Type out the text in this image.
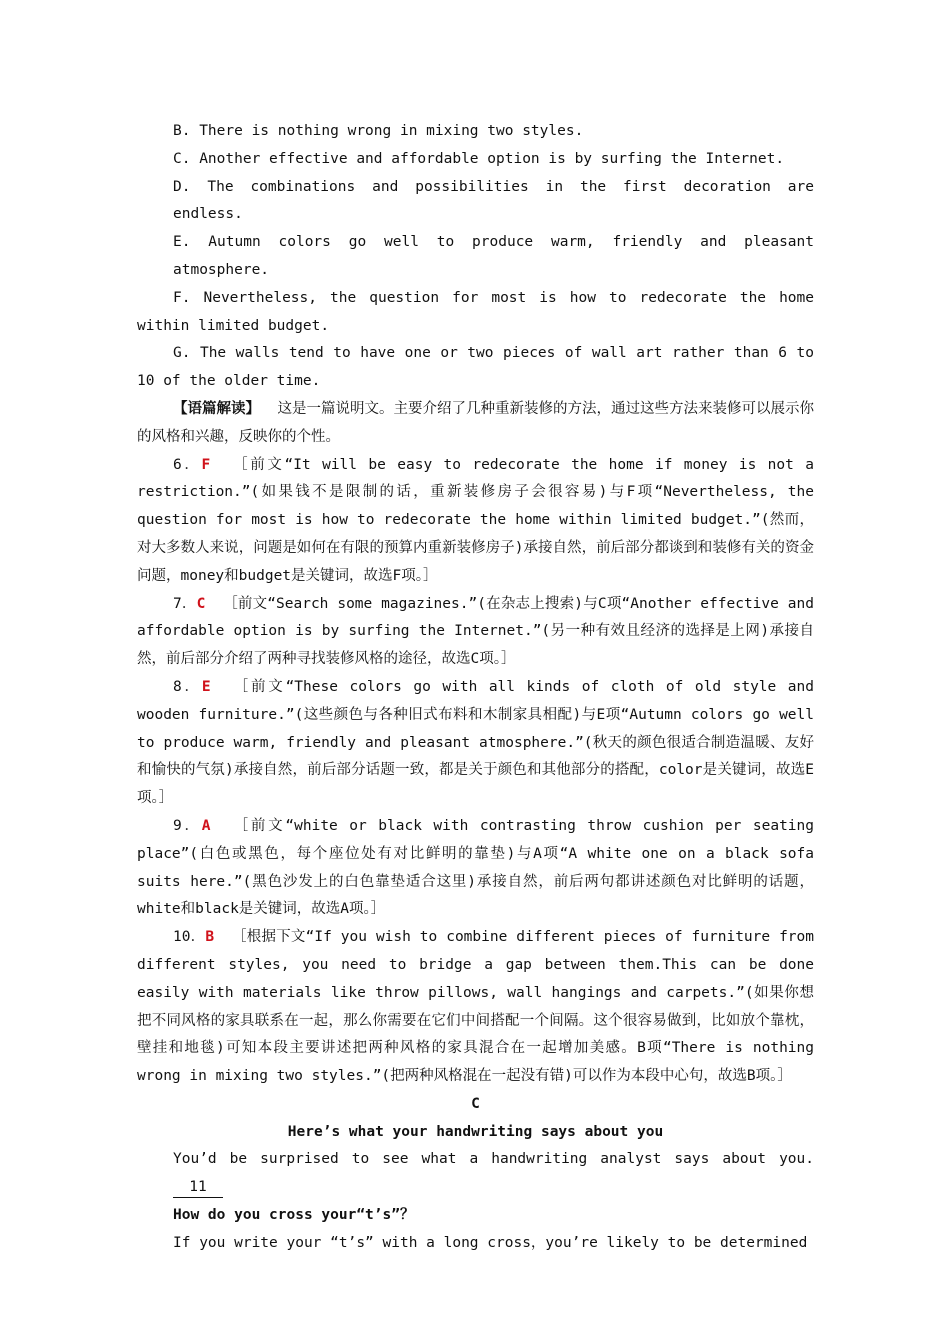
B. There is nothing wrong in mixing two styles.

C. Another effective and affordable option is by surfing the Internet.

D. The combinations and possibilities in the first decoration are endless.

E. Autumn colors go well to produce warm, friendly and pleasant atmosphere.

F. Nevertheless, the question for most is how to redecorate the home within limited budget.

G. The walls tend to have one or two pieces of wall art rather than 6 to 10 of the older time.

【语篇解读】 这是一篇说明文。主要介绍了几种重新装修的方法，通过这些方法来装修可以展示你的风格和兴趣，反映你的个性。

6．F ［前文“It will be easy to redecorate the home if money is not a restriction.”(如果钱不是限制的话，重新装修房子会很容易)与F项“Nevertheless, the question for most is how to redecorate the home within limited budget.”(然而，对大多数人来说，问题是如何在有限的预算内重新装修房子)承接自然，前后部分都谈到和装修有关的资金问题，money和budget是关键词，故选F项。］

7．C ［前文“Search some magazines.”(在杂志上搜索)与C项“Another effective and affordable option is by surfing the Internet.”(另一种有效且经济的选择是上网)承接自然，前后部分介绍了两种寻找装修风格的途径，故选C项。］

8．E ［前文“These colors go with all kinds of cloth of old style and wooden furniture.”(这些颜色与各种旧式布料和木制家具相配)与E项“Autumn colors go well to produce warm, friendly and pleasant atmosphere.”(秋天的颜色很适合制造温暖、友好和愉快的气氛)承接自然，前后部分话题一致，都是关于颜色和其他部分的搭配，color是关键词，故选E项。］

9．A ［前文“white or black with contrasting throw cushion per seating place”(白色或黑色，每个座位处有对比鲜明的靠垫)与A项“A white one on a black sofa suits here.”(黑色沙发上的白色靠垫适合这里)承接自然，前后两句都讲述颜色对比鲜明的话题，white和black是关键词，故选A项。］

10．B ［根据下文“If you wish to combine different pieces of furniture from different styles, you need to bridge a gap between them.This can be done easily with materials like throw pillows, wall hangings and carpets.”(如果你想把不同风格的家具联系在一起，那么你需要在它们中间搭配一个间隔。这个很容易做到，比如放个靠枕，壁挂和地毯)可知本段主要讲述把两种风格的家具混合在一起增加美感。B项“There is nothing wrong in mixing two styles.”(把两种风格混在一起没有错)可以作为本段中心句，故选B项。］

C

Here’s what your handwriting says about you

You’d be surprised to see what a handwriting analyst says about you.11

How do you cross your“t’s”？

If you write your “t’s” with a long cross，you’re likely to be determined
